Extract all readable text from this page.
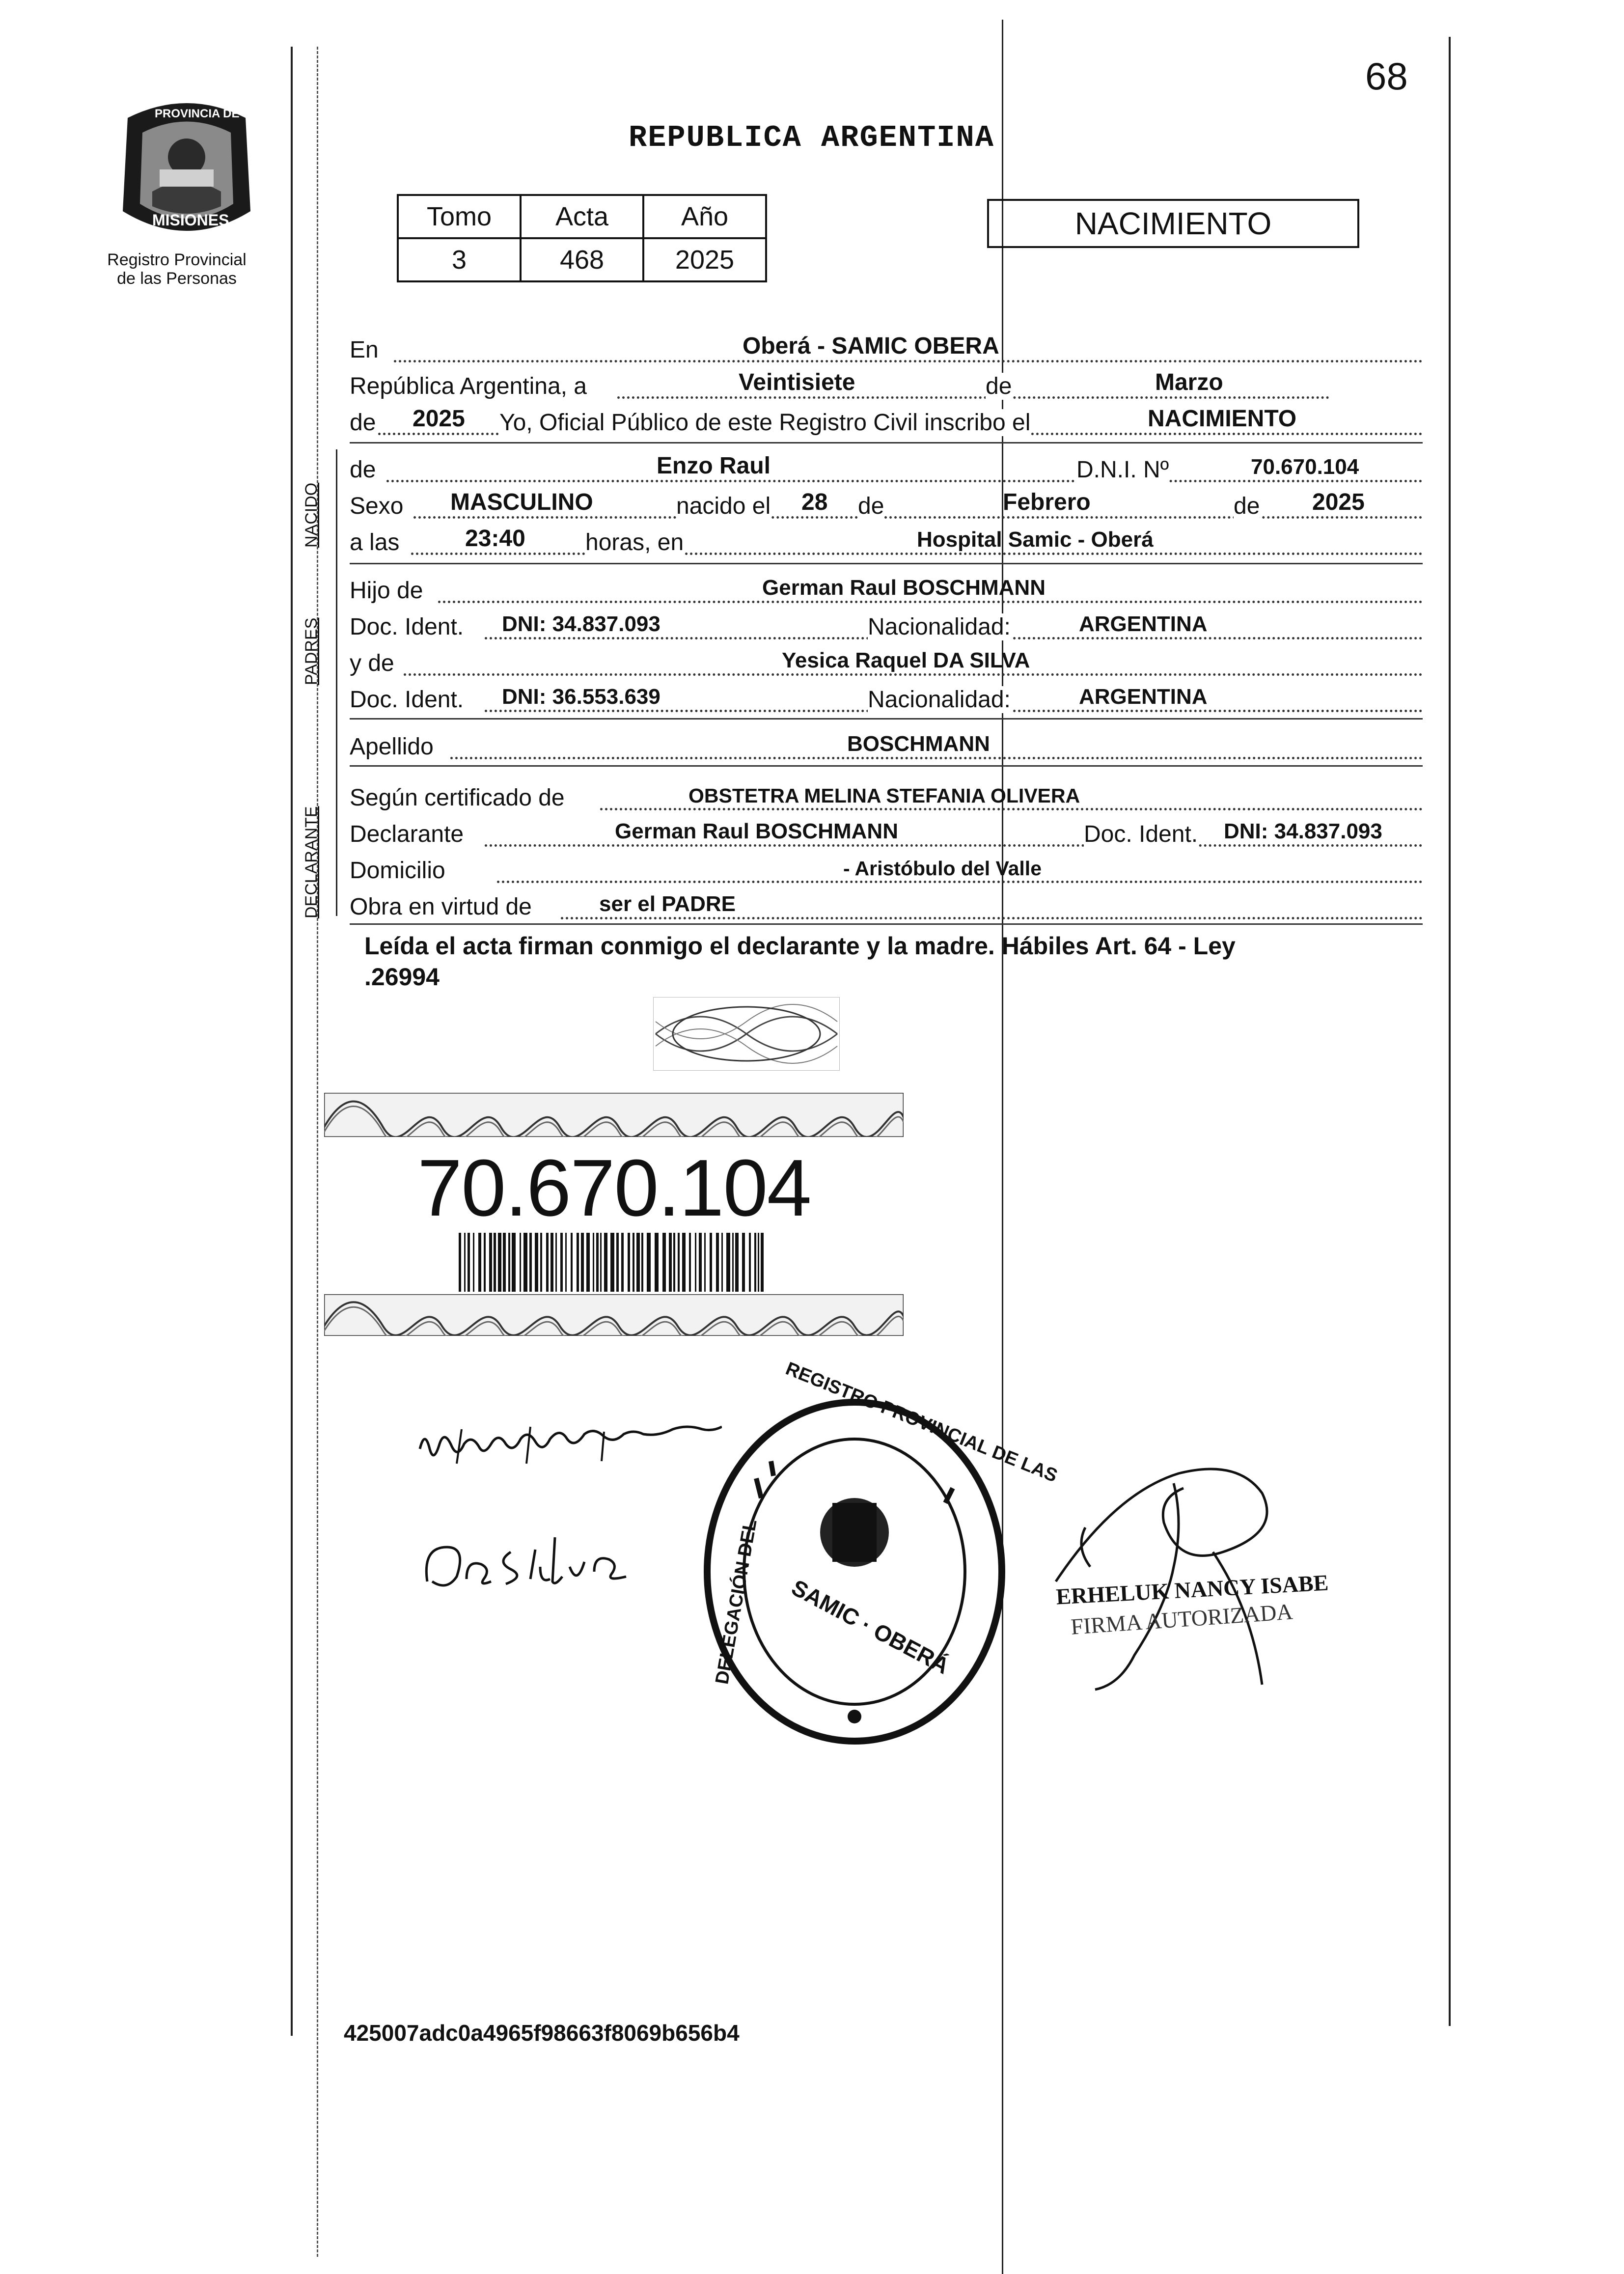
PROVINCIA DE
MISIONES
Registro Provincial
de las Personas
68
REPUBLICA ARGENTINA
Tomo	Acta	Año
3	468	2025
NACIMIENTO
En	Oberá - SAMIC OBERA
República Argentina, a	Veintisiete	de	Marzo
de 2025 Yo, Oficial Público de este Registro Civil inscribo el	NACIMIENTO
de	Enzo Raul	D.N.I. Nº	70.670.104
Sexo MASCULINO	nacido el 28 de	Febrero	de 2025
a las	23:40	horas, en	Hospital Samic - Oberá
Hijo de	German Raul BOSCHMANN
Doc. Ident. DNI: 34.837.093	Nacionalidad:	ARGENTINA
y de	Yesica Raquel DA SILVA
Doc. Ident. DNI: 36.553.639	Nacionalidad:	ARGENTINA
Apellido	BOSCHMANN
Según certificado de	OBSTETRA MELINA STEFANIA OLIVERA
Declarante	German Raul BOSCHMANN	Doc. Ident. DNI: 34.837.093
Domicilio	- Aristóbulo del Valle
Obra en virtud de	ser el PADRE
NACIDO
PADRES
DECLARANTE
Leída el acta firman conmigo el declarante y la madre. Hábiles Art. 64 - Ley
.26994
70.670.104
REGISTRO PROVINCIAL DE LAS
DELEGACIÓN DEL SAMIC · OBERÁ	ERHELUK NANCY ISABE
FIRMA AUTORIZADA
425007adc0a4965f98663f8069b656b4
